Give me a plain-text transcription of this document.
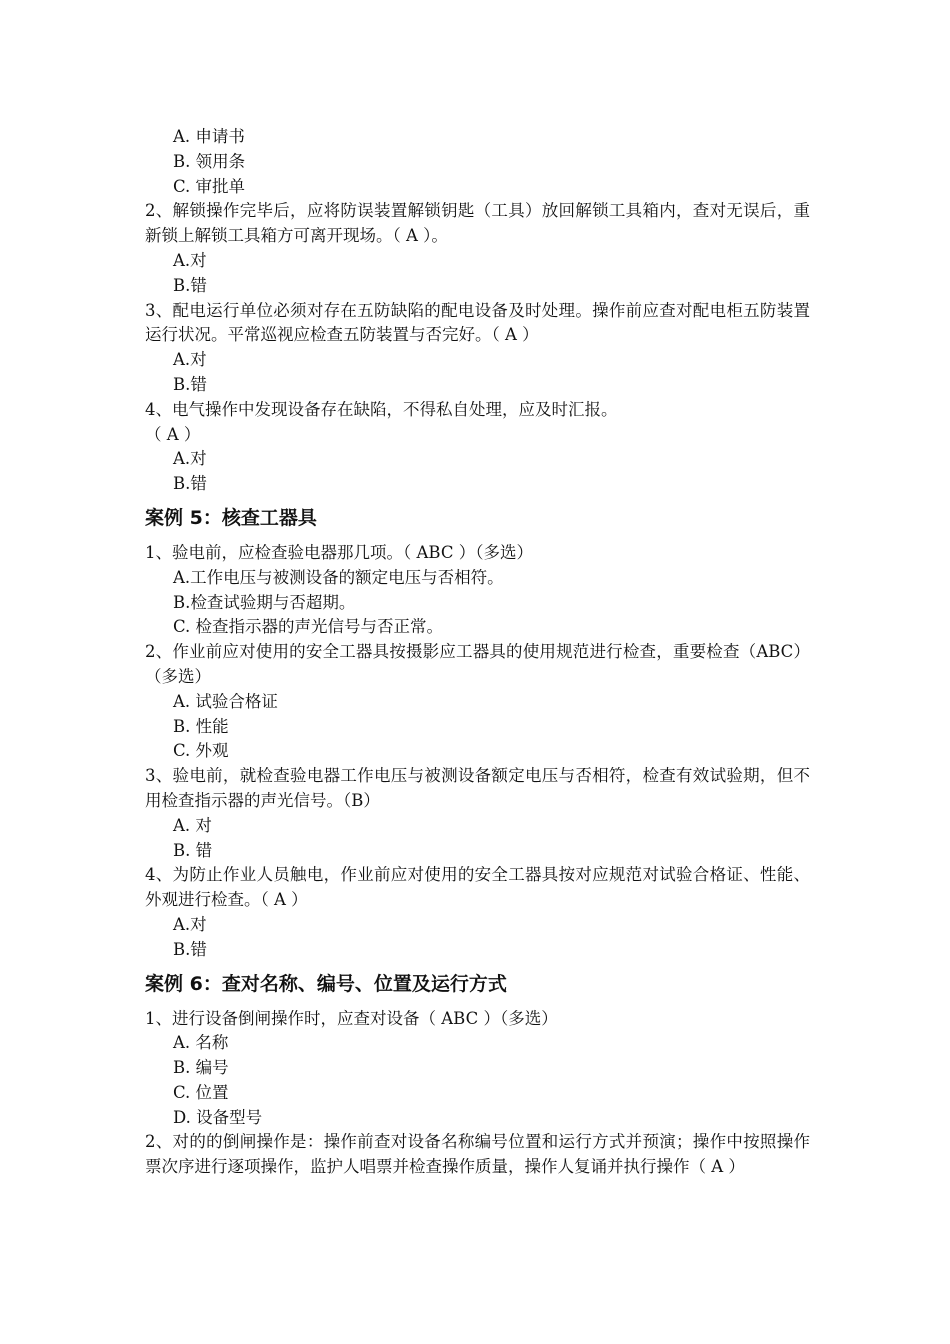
A. 申请书

B. 领用条

C. 审批单

2、解锁操作完毕后，应将防误装置解锁钥匙（工具）放回解锁工具箱内，查对无误后，重新锁上解锁工具箱方可离开现场。（ A ）。

A.对

B.错

3、配电运行单位必须对存在五防缺陷的配电设备及时处理。操作前应查对配电柜五防装置运行状况。平常巡视应检查五防装置与否完好。（ A ）

A.对

B.错

4、电气操作中发现设备存在缺陷，不得私自处理，应及时汇报。

（ A ）

A.对

B.错

案例 5：核查工器具

1、验电前，应检查验电器那几项。（ ABC ）（多选）

A.工作电压与被测设备的额定电压与否相符。

B.检查试验期与否超期。

C. 检查指示器的声光信号与否正常。

2、作业前应对使用的安全工器具按摄影应工器具的使用规范进行检查，重要检查（ABC）（多选）

A. 试验合格证

B. 性能

C. 外观

3、验电前，就检查验电器工作电压与被测设备额定电压与否相符，检查有效试验期，但不用检查指示器的声光信号。（B）

A. 对

B. 错

4、为防止作业人员触电，作业前应对使用的安全工器具按对应规范对试验合格证、性能、外观进行检查。（ A ）

A.对

B.错

案例 6：查对名称、编号、位置及运行方式

1、进行设备倒闸操作时，应查对设备（ ABC ）（多选）

A. 名称

B. 编号

C. 位置

D. 设备型号

2、对的的倒闸操作是：操作前查对设备名称编号位置和运行方式并预演；操作中按照操作票次序进行逐项操作，监护人唱票并检查操作质量，操作人复诵并执行操作（ A ）
